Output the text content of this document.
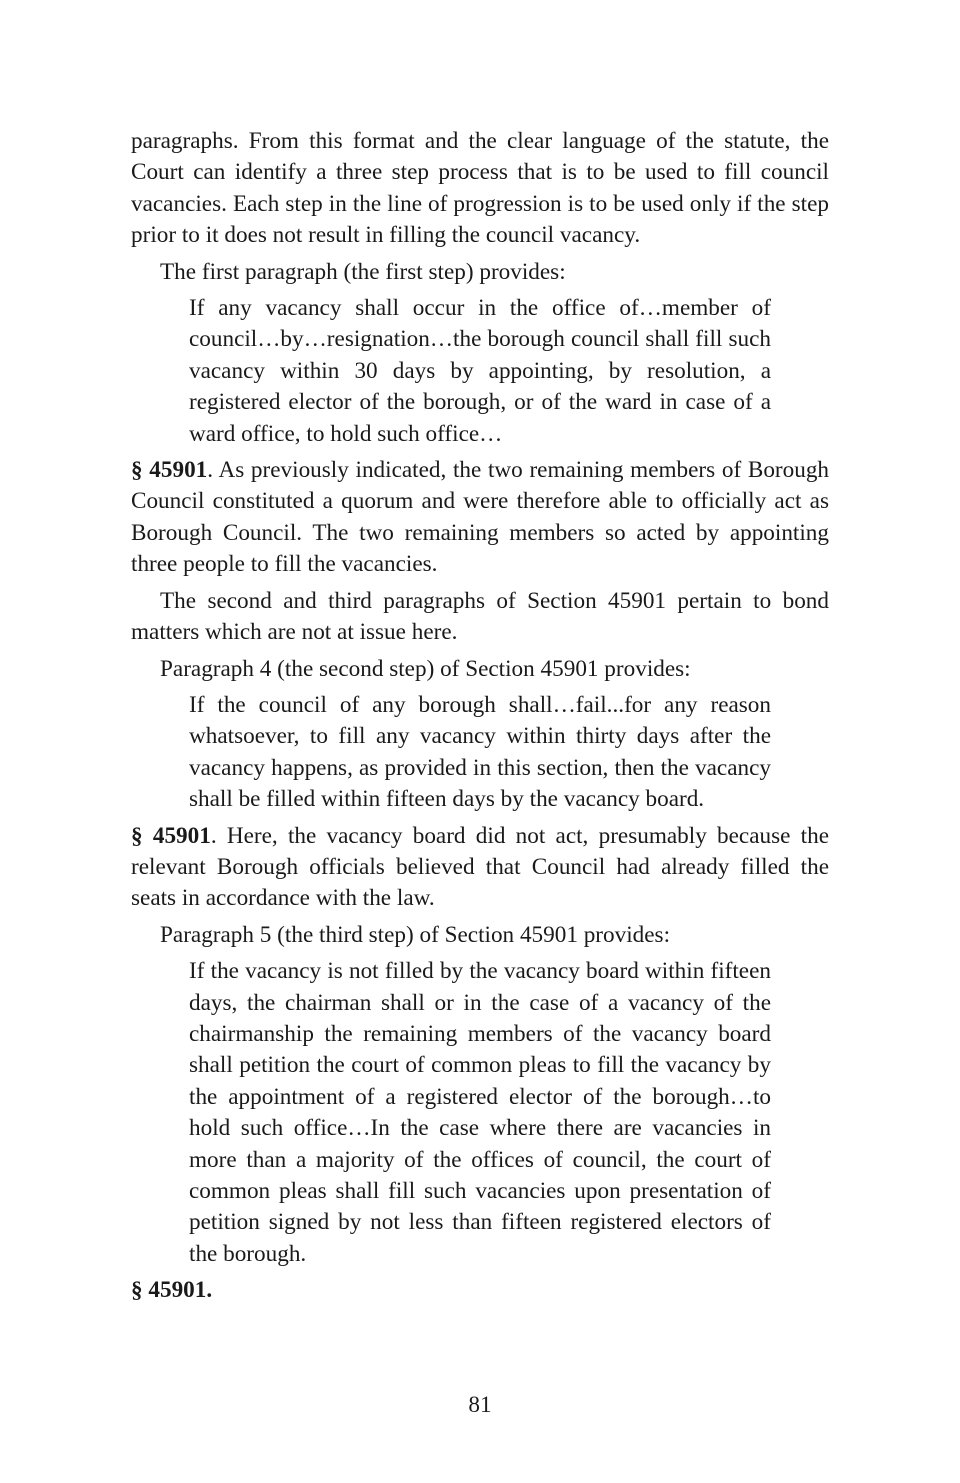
paragraphs. From this format and the clear language of the statute, the Court can identify a three step process that is to be used to fill council vacancies. Each step in the line of progression is to be used only if the step prior to it does not result in filling the council vacancy.

The first paragraph (the first step) provides:

If any vacancy shall occur in the office of…member of council…by…resignation…the borough council shall fill such vacancy within 30 days by appointing, by resolution, a registered elector of the borough, or of the ward in case of a ward office, to hold such office…

§ 45901. As previously indicated, the two remaining members of Borough Council constituted a quorum and were therefore able to officially act as Borough Council. The two remaining members so acted by appointing three people to fill the vacancies.

The second and third paragraphs of Section 45901 pertain to bond matters which are not at issue here.

Paragraph 4 (the second step) of Section 45901 provides:

If the council of any borough shall…fail...for any reason whatsoever, to fill any vacancy within thirty days after the vacancy happens, as provided in this section, then the vacancy shall be filled within fifteen days by the vacancy board.

§ 45901. Here, the vacancy board did not act, presumably because the relevant Borough officials believed that Council had already filled the seats in accordance with the law.

Paragraph 5 (the third step) of Section 45901 provides:

If the vacancy is not filled by the vacancy board within fifteen days, the chairman shall or in the case of a vacancy of the chairmanship the remaining members of the vacancy board shall petition the court of common pleas to fill the vacancy by the appointment of a registered elector of the borough…to hold such office…In the case where there are vacancies in more than a majority of the offices of council, the court of common pleas shall fill such vacancies upon presentation of petition signed by not less than fifteen registered electors of the borough.

§ 45901.

81
